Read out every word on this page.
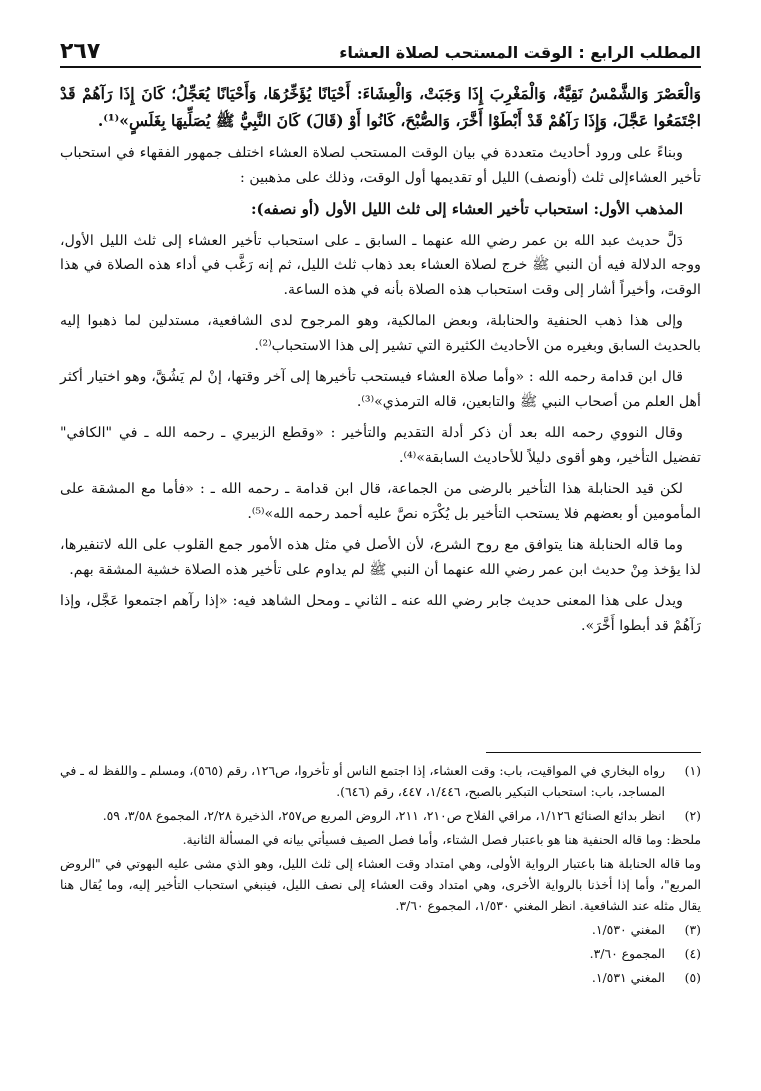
المطلب الرابع : الوقت المستحب لصلاة العشاء
٢٦٧

وَالْعَصْرَ وَالشَّمْسُ نَقِيَّةٌ، وَالْمَغْرِبَ إِذَا وَجَبَتْ، وَالْعِشَاءَ: أَحْيَانًا يُؤَخِّرُهَا، وَأَحْيَانًا يُعَجِّلُ؛ كَانَ إِذَا رَآهُمْ قَدْ اجْتَمَعُوا عَجَّلَ، وَإِذَا رَآهُمْ قَدْ أَبْطَوْا أَخَّرَ، وَالصُّبْحَ، كَانُوا أَوْ (قَالَ) كَانَ النَّبِيُّ ﷺ يُصَلِّيهَا بِغَلَسٍ»⁽¹⁾.

وبناءً على ورود أحاديث متعددة في بيان الوقت المستحب لصلاة العشاء اختلف جمهور الفقهاء في استحباب تأخير العشاءإلى ثلث (أونصف) الليل أو تقديمها أول الوقت، وذلك على مذهبين :

المذهب الأول: استحباب تأخير العشاء إلى ثلث الليل الأول (أو نصفه):

دَلَّ حديث عبد الله بن عمر رضي الله عنهما ـ السابق ـ على استحباب تأخير العشاء إلى ثلث الليل الأول، ووجه الدلالة فيه أن النبي ﷺ خرج لصلاة العشاء بعد ذهاب ثلث الليل، ثم إنه رَغَّب في أداء هذه الصلاة في هذا الوقت، وأخيراً أشار إلى وقت استحباب هذه الصلاة بأنه في هذه الساعة.

وإلى هذا ذهب الحنفية والحنابلة، وبعض المالكية، وهو المرجوح لدى الشافعية، مستدلين لما ذهبوا إليه بالحديث السابق وبغيره من الأحاديث الكثيرة التي تشير إلى هذا الاستحباب⁽²⁾.

قال ابن قدامة رحمه الله : «وأما صلاة العشاء فيستحب تأخيرها إلى آخر وقتها، إنْ لم يَشُقَّ، وهو اختيار أكثر أهل العلم من أصحاب النبي ﷺ والتابعين، قاله الترمذي»⁽³⁾.

وقال النووي رحمه الله بعد أن ذكر أدلة التقديم والتأخير : «وقطع الزبيري ـ رحمه الله ـ في "الكافي" تفضيل التأخير، وهو أقوى دليلاً للأحاديث السابقة»⁽⁴⁾.

لكن قيد الحنابلة هذا التأخير بالرضى من الجماعة، قال ابن قدامة ـ رحمه الله ـ : «فأما مع المشقة على المأمومين أو بعضهم فلا يستحب التأخير بل يُكْرَه نصَّ عليه أحمد رحمه الله»⁽⁵⁾.

وما قاله الحنابلة هنا يتوافق مع روح الشرع، لأن الأصل في مثل هذه الأمور جمع القلوب على الله لاتنفيرها، لذا يؤخذ مِنْ حديث ابن عمر رضي الله عنهما أن النبي ﷺ لم يداوم على تأخير هذه الصلاة خشية المشقة بهم.

ويدل على هذا المعنى حديث جابر رضي الله عنه ـ الثاني ـ ومحل الشاهد فيه: «إذا رآهم اجتمعوا عَجَّل، وإذا رَآهُمْ قد أبطوا أَخَّرَ».

(١)
رواه البخاري في المواقيت، باب: وقت العشاء، إذا اجتمع الناس أو تأخروا، ص١٢٦، رقم (٥٦٥)، ومسلم ـ واللفظ له ـ في المساجد، باب: استحباب التبكير بالصبح، ١/٤٤٦، ٤٤٧، رقم (٦٤٦).
(٢)
انظر بدائع الصنائع ١/١٢٦، مراقي الفلاح ص٢١٠، ٢١١، الروض المربع ص٢٥٧، الذخيرة ٢/٢٨، المجموع ٣/٥٨، ٥٩.

ملحظ: وما قاله الحنفية هنا هو باعتبار فصل الشتاء، وأما فصل الصيف فسيأتي بيانه في المسألة الثانية.

وما قاله الحنابلة هنا باعتبار الرواية الأولى، وهي امتداد وقت العشاء إلى ثلث الليل، وهو الذي مشى عليه البهوتي في "الروض المربع"، وأما إذا أخذنا بالرواية الأخرى، وهي امتداد وقت العشاء إلى نصف الليل، فينبغي استحباب التأخير إليه، وما يُقال هنا يقال مثله عند الشافعية. انظر المغني ١/٥٣٠، المجموع ٣/٦٠.

(٣)
المغني ١/٥٣٠.
(٤)
المجموع ٣/٦٠.
(٥)
المغني ١/٥٣١.
